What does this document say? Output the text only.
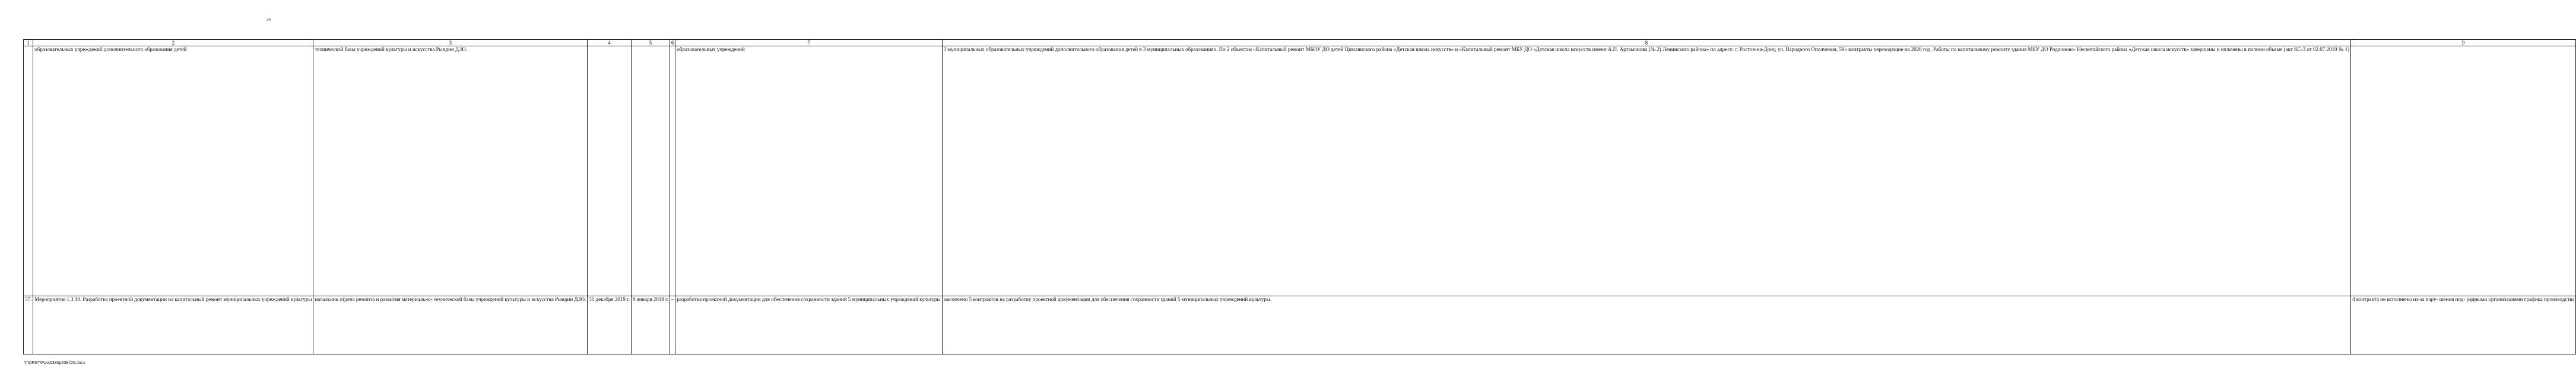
34
1	2	3	4	5	6	7	8	9
	образовательных учреждений дополнительного образования детей	технической базы учреждений культуры и искусства Рындин Д.Ю.				образовательных учреждений	3 муниципальных образовательных учреждений дополнительного образования детей в 3 муниципальных образованиях. По 2 объектам «Капитальный ремонт МБОУ ДО детей Цимлянского района «Детская школа искусств» и «Капитальный ремонт МБУ ДО «Детская школа искусств имени А.П. Артамонова (№ 2) Ленинского района» по адресу: г. Ростов-на-Дону, ул. Народного Ополчения, 59» контракты переходящие на 2020 год. Работы по капитальному ремонту здания МБУ ДО Родионово- Несветайского района «Детская школа искусств» завершены и оплачены в полном объеме (акт КС-3 от 02.07.2019 № 1)	
37.	Мероприятие 1.3.10. Разработка проектной документации на капитальный ремонт муниципальных учреждений культуры	начальник отдела ремонта и развития материально- технической базы учреждений культуры и искусства Рындин Д.Ю.	31 декабря 2019 г.	9 января 2019 г.	–	разработка проектной документации для обеспечения сохранности зданий 5 муниципальных учреждений культуры	заключено 5 контрактов на разработку проектной документации для обеспечения сохранности зданий 5 муниципальных учреждений культуры.	4 контракта не исполнены из-за нару- шения под- рядными организациями графика производства
Y:\ORST\Ppo\0330p238.f20.docx
